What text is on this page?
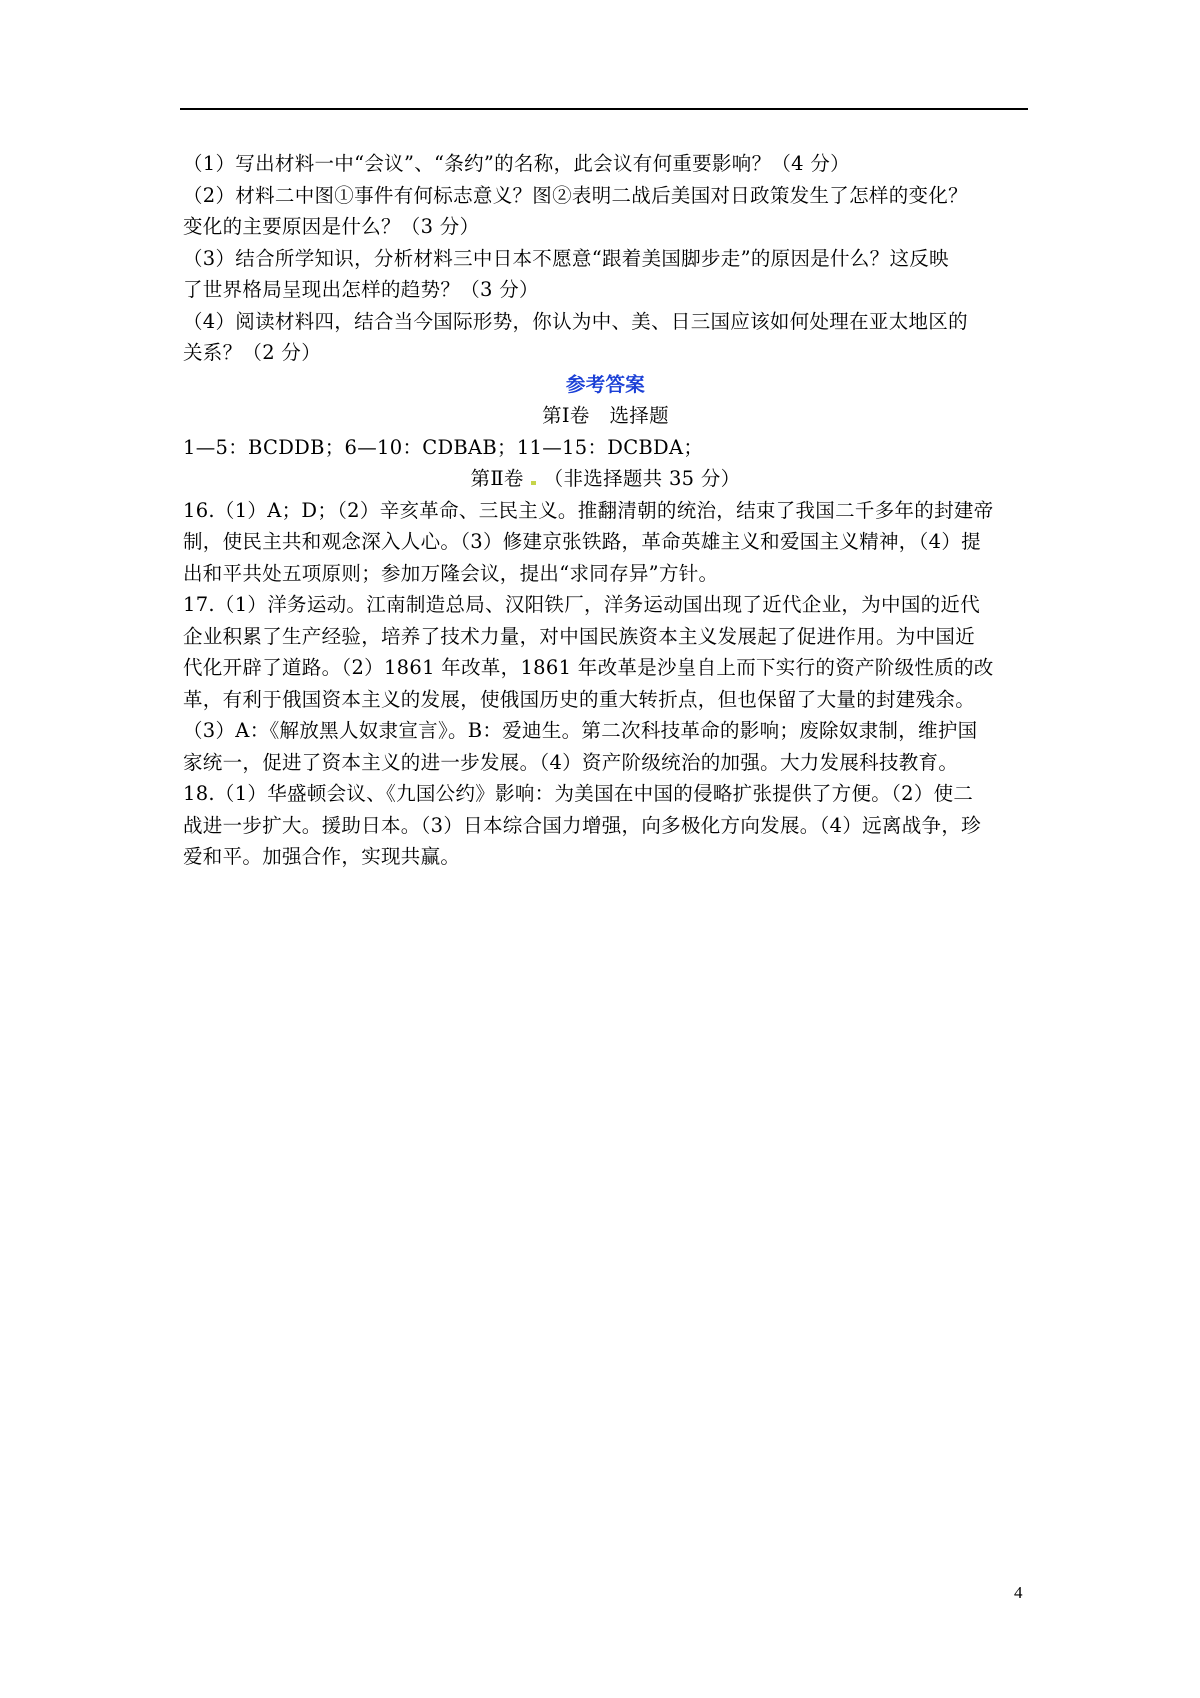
（1）写出材料一中“会议”、“条约”的名称，此会议有何重要影响？（4 分）
（2）材料二中图①事件有何标志意义？图②表明二战后美国对日政策发生了怎样的变化？
变化的主要原因是什么？（3 分）
（3）结合所学知识，分析材料三中日本不愿意“跟着美国脚步走”的原因是什么？这反映
了世界格局呈现出怎样的趋势？（3 分）
（4）阅读材料四，结合当今国际形势，你认为中、美、日三国应该如何处理在亚太地区的
关系？（2 分）
参考答案
第Ⅰ卷　选择题
1—5：BCDDB；6—10：CDBAB；11—15：DCBDA；
第Ⅱ卷 （非选择题共 35 分）
16.（1）A；D；（2）辛亥革命、三民主义。推翻清朝的统治，结束了我国二千多年的封建帝
制，使民主共和观念深入人心。（3）修建京张铁路，革命英雄主义和爱国主义精神，（4）提
出和平共处五项原则；参加万隆会议，提出“求同存异”方针。
17.（1）洋务运动。江南制造总局、汉阳铁厂，洋务运动国出现了近代企业，为中国的近代
企业积累了生产经验，培养了技术力量，对中国民族资本主义发展起了促进作用。为中国近
代化开辟了道路。（2）1861 年改革，1861 年改革是沙皇自上而下实行的资产阶级性质的改
革，有利于俄国资本主义的发展，使俄国历史的重大转折点，但也保留了大量的封建残余。
（3）A：《解放黑人奴隶宣言》。B：爱迪生。第二次科技革命的影响；废除奴隶制，维护国
家统一，促进了资本主义的进一步发展。（4）资产阶级统治的加强。大力发展科技教育。
18.（1）华盛顿会议、《九国公约》影响：为美国在中国的侵略扩张提供了方便。（2）使二
战进一步扩大。援助日本。（3）日本综合国力增强，向多极化方向发展。（4）远离战争，珍
爱和平。加强合作，实现共赢。
4
